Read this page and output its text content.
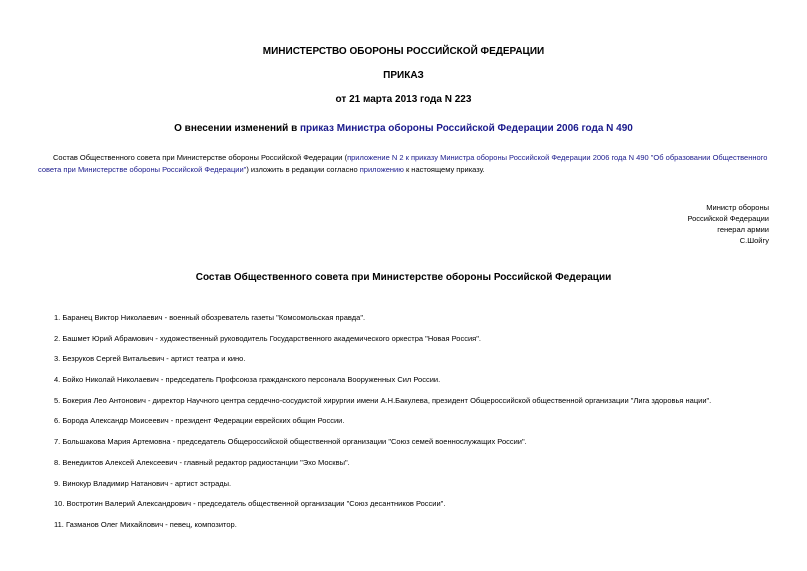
МИНИСТЕРСТВО ОБОРОНЫ РОССИЙСКОЙ ФЕДЕРАЦИИ
ПРИКАЗ
от 21 марта 2013 года N 223
О внесении изменений в приказ Министра обороны Российской Федерации 2006 года N 490
Состав Общественного совета при Министерстве обороны Российской Федерации (приложение N 2 к приказу Министра обороны Российской Федерации 2006 года N 490 "Об образовании Общественного совета при Министерстве обороны Российской Федерации") изложить в редакции согласно приложению к настоящему приказу.
Министр обороны
Российской Федерации
генерал армии
С.Шойгу
Состав Общественного совета при Министерстве обороны Российской Федерации
1. Баранец Виктор Николаевич - военный обозреватель газеты "Комсомольская правда".
2. Башмет Юрий Абрамович - художественный руководитель Государственного академического оркестра "Новая Россия".
3. Безруков Сергей Витальевич - артист театра и кино.
4. Бойко Николай Николаевич - председатель Профсоюза гражданского персонала Вооруженных Сил России.
5. Бокерия Лео Антонович - директор Научного центра сердечно-сосудистой хирургии имени А.Н.Бакулева, президент Общероссийской общественной организации "Лига здоровья нации".
6. Борода Александр Моисеевич - президент Федерации еврейских общин России.
7. Большакова Мария Артемовна - председатель Общероссийской общественной организации "Союз семей военнослужащих России".
8. Венедиктов Алексей Алексеевич - главный редактор радиостанции "Эхо Москвы".
9. Винокур Владимир Натанович - артист эстрады.
10. Востротин Валерий Александрович - председатель общественной организации "Союз десантников России".
11. Газманов Олег Михайлович - певец, композитор.
